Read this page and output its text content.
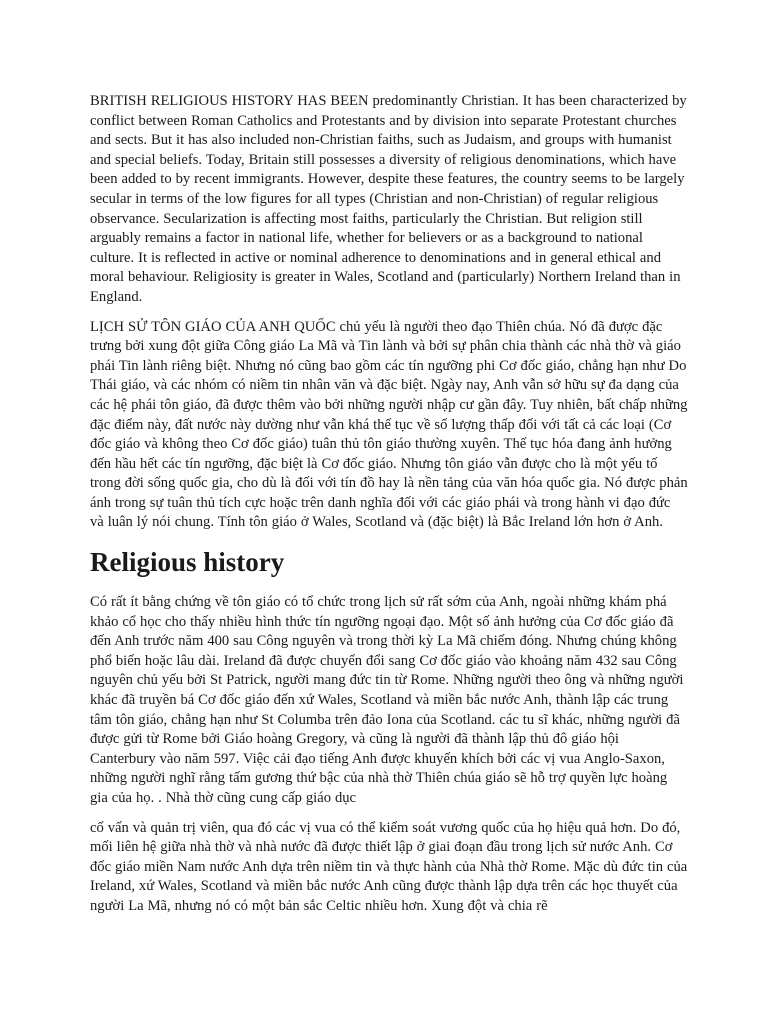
BRITISH RELIGIOUS HISTORY HAS BEEN predominantly Christian. It has been characterized by conflict between Roman Catholics and Protestants and by division into separate Protestant churches and sects. But it has also included non-Christian faiths, such as Judaism, and groups with humanist and special beliefs. Today, Britain still possesses a diversity of religious denominations, which have been added to by recent immigrants. However, despite these features, the country seems to be largely secular in terms of the low figures for all types (Christian and non-Christian) of regular religious observance. Secularization is affecting most faiths, particularly the Christian. But religion still arguably remains a factor in national life, whether for believers or as a background to national culture. It is reflected in active or nominal adherence to denominations and in general ethical and moral behaviour. Religiosity is greater in Wales, Scotland and (particularly) Northern Ireland than in England.

LỊCH SỬ TÔN GIÁO CỦA ANH QUỐC chủ yếu là người theo đạo Thiên chúa. Nó đã được đặc trưng bởi xung đột giữa Công giáo La Mã và Tin lành và bởi sự phân chia thành các nhà thờ và giáo phái Tin lành riêng biệt. Nhưng nó cũng bao gồm các tín ngưỡng phi Cơ đốc giáo, chẳng hạn như Do Thái giáo, và các nhóm có niềm tin nhân văn và đặc biệt. Ngày nay, Anh vẫn sở hữu sự đa dạng của các hệ phái tôn giáo, đã được thêm vào bởi những người nhập cư gần đây. Tuy nhiên, bất chấp những đặc điểm này, đất nước này dường như vẫn khá thế tục về số lượng thấp đối với tất cả các loại (Cơ đốc giáo và không theo Cơ đốc giáo) tuân thủ tôn giáo thường xuyên. Thế tục hóa đang ảnh hưởng đến hầu hết các tín ngưỡng, đặc biệt là Cơ đốc giáo. Nhưng tôn giáo vẫn được cho là một yếu tố trong đời sống quốc gia, cho dù là đối với tín đồ hay là nền tảng của văn hóa quốc gia. Nó được phản ánh trong sự tuân thủ tích cực hoặc trên danh nghĩa đối với các giáo phái và trong hành vi đạo đức và luân lý nói chung. Tính tôn giáo ở Wales, Scotland và (đặc biệt) là Bắc Ireland lớn hơn ở Anh.

Religious history

Có rất ít bằng chứng về tôn giáo có tổ chức trong lịch sử rất sớm của Anh, ngoài những khám phá khảo cổ học cho thấy nhiều hình thức tín ngưỡng ngoại đạo. Một số ảnh hưởng của Cơ đốc giáo đã đến Anh trước năm 400 sau Công nguyên và trong thời kỳ La Mã chiếm đóng. Nhưng chúng không phổ biến hoặc lâu dài. Ireland đã được chuyển đổi sang Cơ đốc giáo vào khoảng năm 432 sau Công nguyên chủ yếu bởi St Patrick, người mang đức tin từ Rome. Những người theo ông và những người khác đã truyền bá Cơ đốc giáo đến xứ Wales, Scotland và miền bắc nước Anh, thành lập các trung tâm tôn giáo, chẳng hạn như St Columba trên đảo Iona của Scotland. các tu sĩ khác, những người đã được gửi từ Rome bởi Giáo hoàng Gregory, và cũng là người đã thành lập thủ đô giáo hội Canterbury vào năm 597. Việc cải đạo tiếng Anh được khuyến khích bởi các vị vua Anglo-Saxon, những người nghĩ rằng tấm gương thứ bậc của nhà thờ Thiên chúa giáo sẽ hỗ trợ quyền lực hoàng gia của họ. . Nhà thờ cũng cung cấp giáo dục

cố vấn và quản trị viên, qua đó các vị vua có thể kiểm soát vương quốc của họ hiệu quả hơn. Do đó, mối liên hệ giữa nhà thờ và nhà nước đã được thiết lập ở giai đoạn đầu trong lịch sử nước Anh. Cơ đốc giáo miền Nam nước Anh dựa trên niềm tin và thực hành của Nhà thờ Rome. Mặc dù đức tin của Ireland, xứ Wales, Scotland và miền bắc nước Anh cũng được thành lập dựa trên các học thuyết của người La Mã, nhưng nó có một bản sắc Celtic nhiều hơn. Xung đột và chia rẽ
